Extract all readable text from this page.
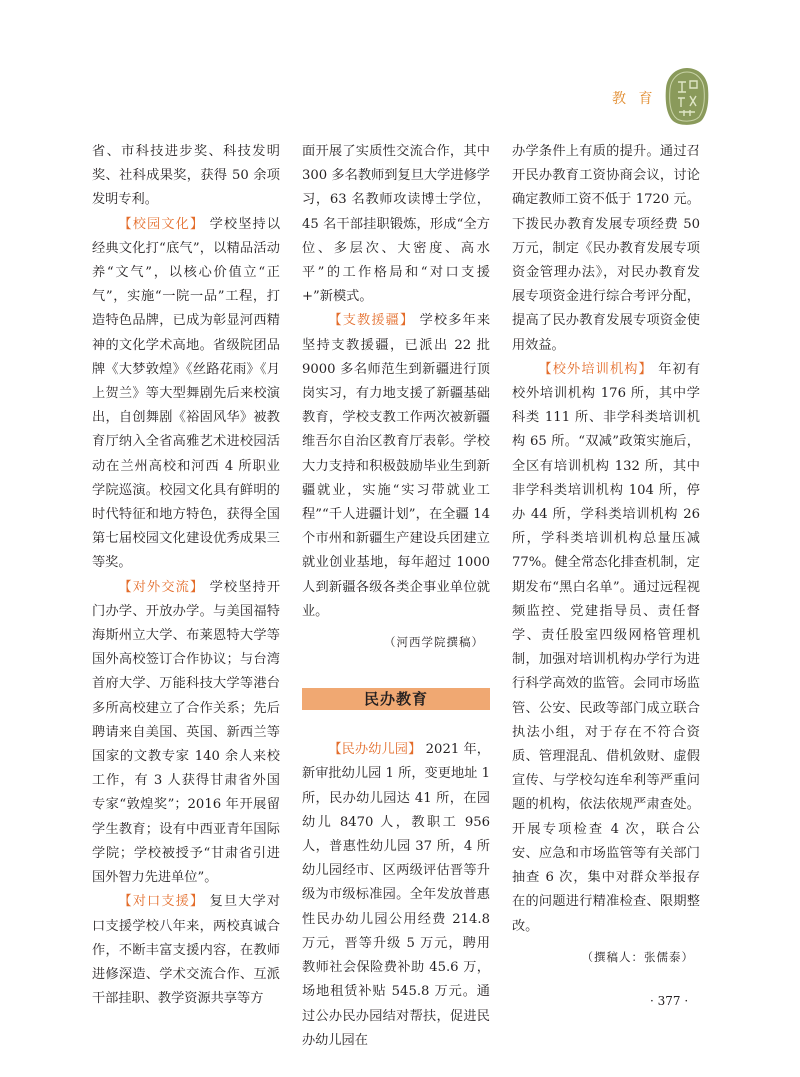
教 育

省、市科技进步奖、科技发明奖、社科成果奖，获得 50 余项发明专利。

【校园文化】 学校坚持以经典文化打“底气”，以精品活动养“文气”，以核心价值立“正气”，实施“一院一品”工程，打造特色品牌，已成为彰显河西精神的文化学术高地。省级院团品牌《大梦敦煌》《丝路花雨》《月上贺兰》等大型舞剧先后来校演出，自创舞剧《裕固风华》被教育厅纳入全省高雅艺术进校园活动在兰州高校和河西 4 所职业学院巡演。校园文化具有鲜明的时代特征和地方特色，获得全国第七届校园文化建设优秀成果三等奖。

【对外交流】 学校坚持开门办学、开放办学。与美国福特海斯州立大学、布莱恩特大学等国外高校签订合作协议；与台湾首府大学、万能科技大学等港台多所高校建立了合作关系；先后聘请来自美国、英国、新西兰等国家的文教专家 140 余人来校工作，有 3 人获得甘肃省外国专家“敦煌奖”；2016 年开展留学生教育；设有中西亚青年国际学院；学校被授予“甘肃省引进国外智力先进单位”。

【对口支援】 复旦大学对口支援学校八年来，两校真诚合作，不断丰富支援内容，在教师进修深造、学术交流合作、互派干部挂职、教学资源共享等方

面开展了实质性交流合作，其中 300 多名教师到复旦大学进修学习，63 名教师攻读博士学位，45 名干部挂职锻炼，形成“全方位、多层次、大密度、高水平”的工作格局和“对口支援 +”新模式。

【支教援疆】 学校多年来坚持支教援疆，已派出 22 批 9000 多名师范生到新疆进行顶岗实习，有力地支援了新疆基础教育，学校支教工作两次被新疆维吾尔自治区教育厅表彰。学校大力支持和积极鼓励毕业生到新疆就业，实施“实习带就业工程”“千人进疆计划”，在全疆 14 个市州和新疆生产建设兵团建立就业创业基地，每年超过 1000 人到新疆各级各类企事业单位就业。

（河西学院撰稿）
民办教育

【民办幼儿园】 2021 年，新审批幼儿园 1 所，变更地址 1 所，民办幼儿园达 41 所，在园幼儿 8470 人，教职工 956 人，普惠性幼儿园 37 所，4 所幼儿园经市、区两级评估晋等升级为市级标准园。全年发放普惠性民办幼儿园公用经费 214.8 万元，晋等升级 5 万元，聘用教师社会保险费补助 45.6 万，场地租赁补贴 545.8 万元。通过公办民办园结对帮扶，促进民办幼儿园在

办学条件上有质的提升。通过召开民办教育工资协商会议，讨论确定教师工资不低于 1720 元。下拨民办教育发展专项经费 50 万元，制定《民办教育发展专项资金管理办法》，对民办教育发展专项资金进行综合考评分配，提高了民办教育发展专项资金使用效益。

【校外培训机构】 年初有校外培训机构 176 所，其中学科类 111 所、非学科类培训机构 65 所。“双减”政策实施后，全区有培训机构 132 所，其中非学科类培训机构 104 所，停办 44 所，学科类培训机构 26 所，学科类培训机构总量压减 77%。健全常态化排查机制，定期发布“黑白名单”。通过远程视频监控、党建指导员、责任督学、责任股室四级网格管理机制，加强对培训机构办学行为进行科学高效的监管。会同市场监管、公安、民政等部门成立联合执法小组，对于存在不符合资质、管理混乱、借机敛财、虚假宣传、与学校勾连牟利等严重问题的机构，依法依规严肃查处。开展专项检查 4 次，联合公安、应急和市场监管等有关部门抽查 6 次，集中对群众举报存在的问题进行精准检查、限期整改。

（撰稿人：张儒泰）
· 377 ·
